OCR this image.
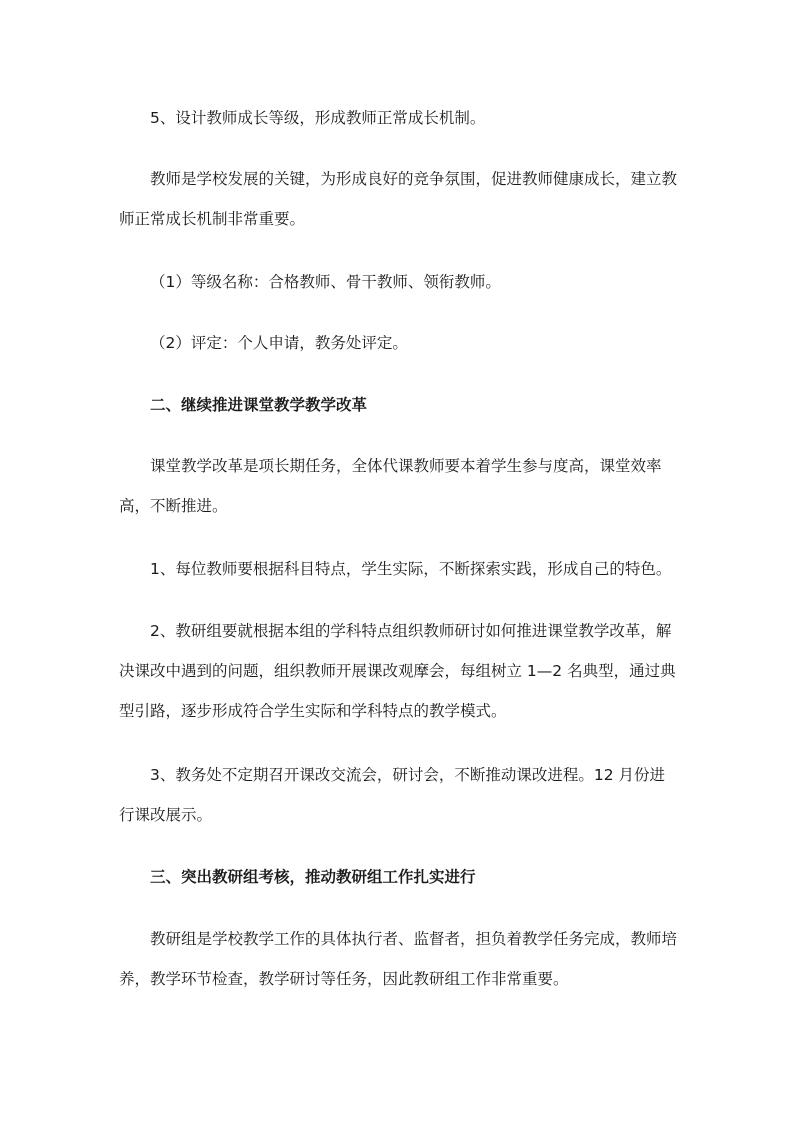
5、设计教师成长等级，形成教师正常成长机制。

教师是学校发展的关键，为形成良好的竞争氛围，促进教师健康成长，建立教师正常成长机制非常重要。

（1）等级名称：合格教师、骨干教师、领衔教师。

（2）评定：个人申请，教务处评定。

二、继续推进课堂教学教学改革

课堂教学改革是项长期任务，全体代课教师要本着学生参与度高，课堂效率高，不断推进。

1、每位教师要根据科目特点，学生实际，不断探索实践，形成自己的特色。

2、教研组要就根据本组的学科特点组织教师研讨如何推进课堂教学改革，解决课改中遇到的问题，组织教师开展课改观摩会，每组树立 1—2 名典型，通过典型引路，逐步形成符合学生实际和学科特点的教学模式。

3、教务处不定期召开课改交流会，研讨会，不断推动课改进程。12 月份进行课改展示。

三、突出教研组考核，推动教研组工作扎实进行

教研组是学校教学工作的具体执行者、监督者，担负着教学任务完成，教师培养，教学环节检查，教学研讨等任务，因此教研组工作非常重要。
